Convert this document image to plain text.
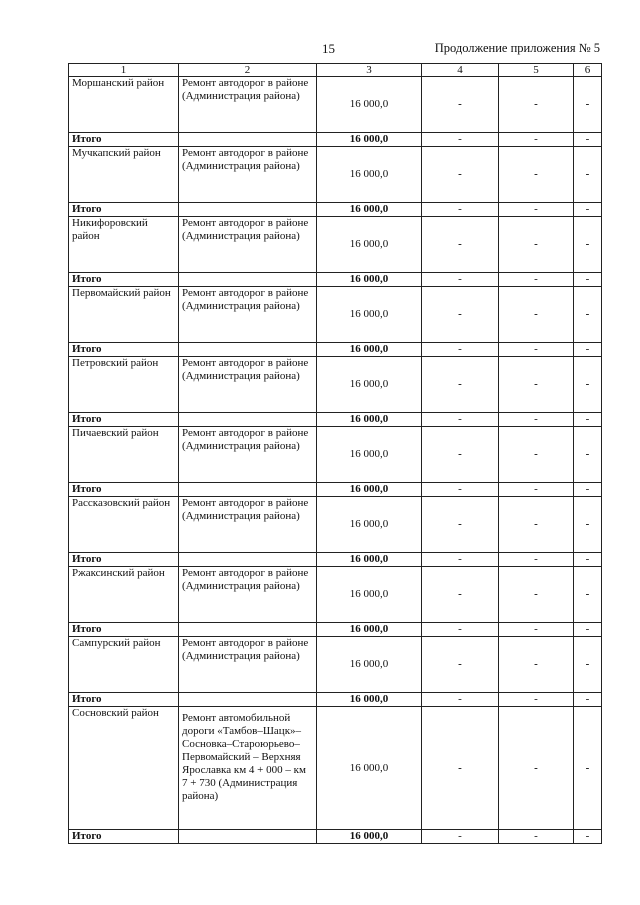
15	Продолжение приложения № 5
1	2	3	4	5	6
Моршанский район	Ремонт автодорог в районе (Администрация района)	16 000,0	-	-	-
Итого		16 000,0	-	-	-
Мучкапский район	Ремонт автодорог в районе (Администрация района)	16 000,0	-	-	-
Итого		16 000,0	-	-	-
Никифоровский район	Ремонт автодорог в районе (Администрация района)	16 000,0	-	-	-
Итого		16 000,0	-	-	-
Первомайский район	Ремонт автодорог в районе (Администрация района)	16 000,0	-	-	-
Итого		16 000,0	-	-	-
Петровский район	Ремонт автодорог в районе (Администрация района)	16 000,0	-	-	-
Итого		16 000,0	-	-	-
Пичаевский район	Ремонт автодорог в районе (Администрация района)	16 000,0	-	-	-
Итого		16 000,0	-	-	-
Рассказовский район	Ремонт автодорог в районе (Администрация района)	16 000,0	-	-	-
Итого		16 000,0	-	-	-
Ржаксинский район	Ремонт автодорог в районе (Администрация района)	16 000,0	-	-	-
Итого		16 000,0	-	-	-
Сампурский район	Ремонт автодорог в районе (Администрация района)	16 000,0	-	-	-
Итого		16 000,0	-	-	-
Сосновский район	Ремонт автомобильной дороги «Тамбов–Шацк»–Сосновка–Староюрьево–Первомайский – Верхняя Ярославка км 4 + 000 – км 7 + 730 (Администрация района)	16 000,0	-	-	-
Итого		16 000,0	-	-	-
